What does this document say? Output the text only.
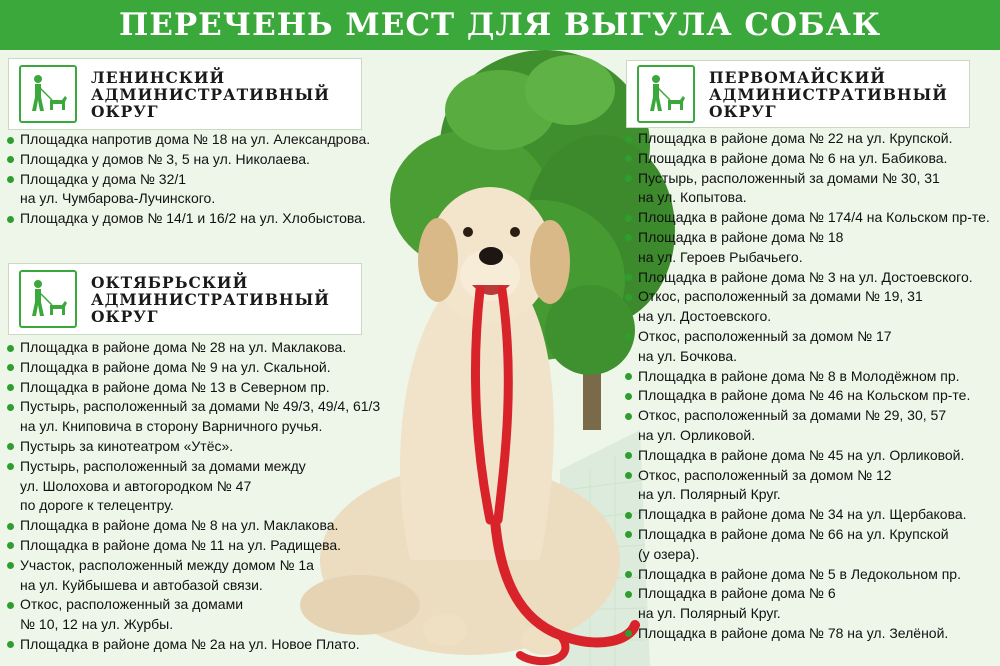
ПЕРЕЧЕНЬ МЕСТ ДЛЯ ВЫГУЛА СОБАК
ЛЕНИНСКИЙ
АДМИНИСТРАТИВНЫЙ
ОКРУГ
Площадка напротив дома № 18 на ул. Александрова.
Площадка у домов № 3, 5 на ул. Николаева.
Площадка у дома № 32/1
на ул. Чумбарова-Лучинского.
Площадка у домов № 14/1 и 16/2 на ул. Хлобыстова.
ОКТЯБРЬСКИЙ
АДМИНИСТРАТИВНЫЙ
ОКРУГ
Площадка в районе дома № 28 на ул. Маклакова.
Площадка в районе дома № 9 на ул. Скальной.
Площадка в районе дома № 13 в Северном пр.
Пустырь, расположенный за домами № 49/3, 49/4, 61/3
на ул. Книповича в сторону Варничного ручья.
Пустырь за кинотеатром «Утёс».
Пустырь, расположенный за домами между
ул. Шолохова и автогородком № 47
по дороге к телецентру.
Площадка в районе дома № 8 на ул. Маклакова.
Площадка в районе дома № 11 на ул. Радищева.
Участок, расположенный между домом № 1а
на ул. Куйбышева и автобазой связи.
Откос, расположенный за домами
№ 10, 12 на ул. Журбы.
Площадка в районе дома № 2а на ул. Новое Плато.
ПЕРВОМАЙСКИЙ
АДМИНИСТРАТИВНЫЙ
ОКРУГ
Площадка в районе дома № 22 на ул. Крупской.
Площадка в районе дома № 6 на ул. Бабикова.
Пустырь, расположенный за домами № 30, 31
на ул. Копытова.
Площадка в районе дома № 174/4 на Кольском пр-те.
Площадка в районе дома № 18
на ул. Героев Рыбачьего.
Площадка в районе дома № 3 на ул. Достоевского.
Откос, расположенный за домами № 19, 31
на ул. Достоевского.
Откос, расположенный за домом № 17
на ул. Бочкова.
Площадка в районе дома № 8 в Молодёжном пр.
Площадка в районе дома № 46 на Кольском пр-те.
Откос, расположенный за домами № 29, 30, 57
на ул. Орликовой.
Площадка в районе дома № 45 на ул. Орликовой.
Откос, расположенный за домом № 12
на ул. Полярный Круг.
Площадка в районе дома № 34 на ул. Щербакова.
Площадка в районе дома № 66 на ул. Крупской
(у озера).
Площадка в районе дома № 5 в Ледокольном пр.
Площадка в районе дома № 6
на ул. Полярный Круг.
Площадка в районе дома № 78 на ул. Зелёной.
